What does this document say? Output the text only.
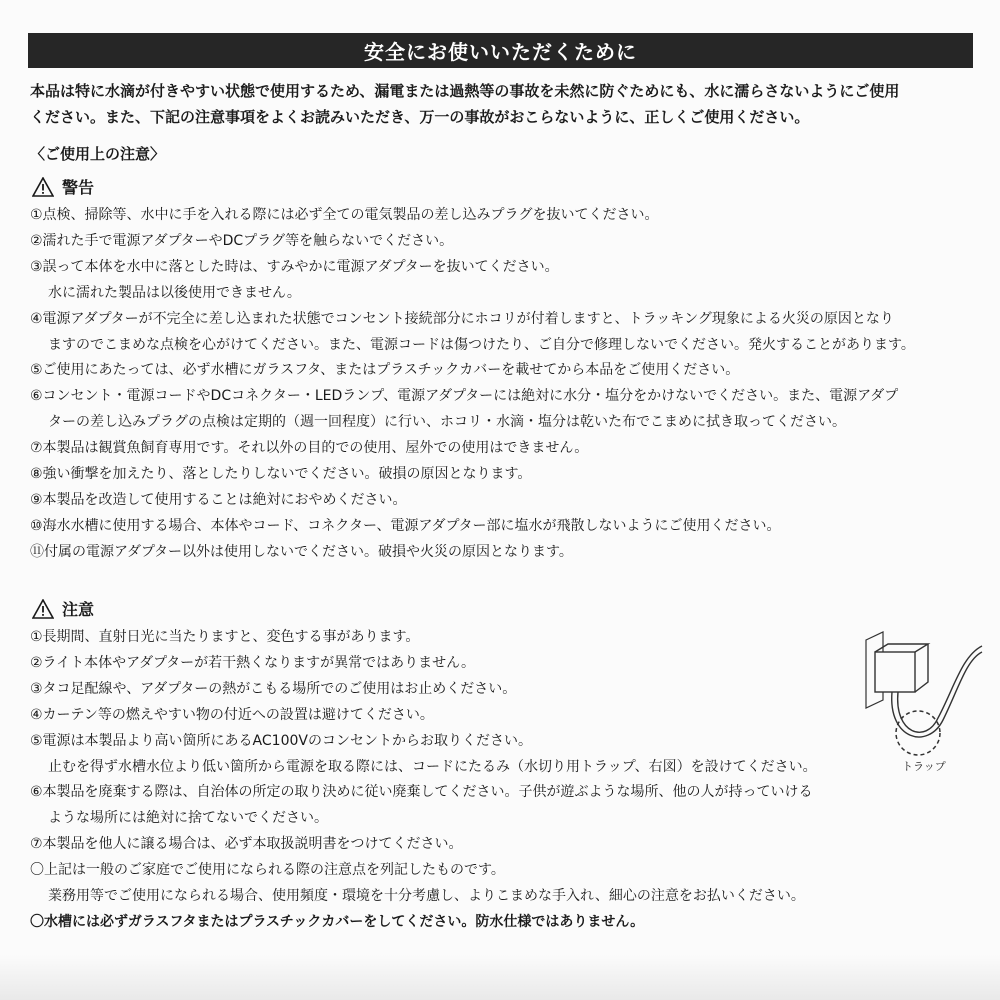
安全にお使いいただくために
本品は特に水滴が付きやすい状態で使用するため、漏電または過熱等の事故を未然に防ぐためにも、水に濡らさないようにご使用
ください。また、下記の注意事項をよくお読みいただき、万一の事故がおこらないように、正しくご使用ください。
〈ご使用上の注意〉
警告
①点検、掃除等、水中に手を入れる際には必ず全ての電気製品の差し込みプラグを抜いてください。
②濡れた手で電源アダプターやDCプラグ等を触らないでください。
③誤って本体を水中に落とした時は、すみやかに電源アダプターを抜いてください。
水に濡れた製品は以後使用できません。
④電源アダプターが不完全に差し込まれた状態でコンセント接続部分にホコリが付着しますと、トラッキング現象による火災の原因となり
ますのでこまめな点検を心がけてください。また、電源コードは傷つけたり、ご自分で修理しないでください。発火することがあります。
⑤ご使用にあたっては、必ず水槽にガラスフタ、またはプラスチックカバーを載せてから本品をご使用ください。
⑥コンセント・電源コードやDCコネクター・LEDランプ、電源アダプターには絶対に水分・塩分をかけないでください。また、電源アダプ
ターの差し込みプラグの点検は定期的（週一回程度）に行い、ホコリ・水滴・塩分は乾いた布でこまめに拭き取ってください。
⑦本製品は観賞魚飼育専用です。それ以外の目的での使用、屋外での使用はできません。
⑧強い衝撃を加えたり、落としたりしないでください。破損の原因となります。
⑨本製品を改造して使用することは絶対におやめください。
⑩海水水槽に使用する場合、本体やコード、コネクター、電源アダプター部に塩水が飛散しないようにご使用ください。
⑪付属の電源アダプター以外は使用しないでください。破損や火災の原因となります。
注意
①長期間、直射日光に当たりますと、変色する事があります。
②ライト本体やアダプターが若干熱くなりますが異常ではありません。
③タコ足配線や、アダプターの熱がこもる場所でのご使用はお止めください。
④カーテン等の燃えやすい物の付近への設置は避けてください。
⑤電源は本製品より高い箇所にあるAC100Vのコンセントからお取りください。
止むを得ず水槽水位より低い箇所から電源を取る際には、コードにたるみ（水切り用トラップ、右図）を設けてください。
⑥本製品を廃棄する際は、自治体の所定の取り決めに従い廃棄してください。子供が遊ぶような場所、他の人が持っていける
ような場所には絶対に捨てないでください。
⑦本製品を他人に譲る場合は、必ず本取扱説明書をつけてください。
〇上記は一般のご家庭でご使用になられる際の注意点を列記したものです。
業務用等でご使用になられる場合、使用頻度・環境を十分考慮し、よりこまめな手入れ、細心の注意をお払いください。
〇水槽には必ずガラスフタまたはプラスチックカバーをしてください。防水仕様ではありません。
トラップ
